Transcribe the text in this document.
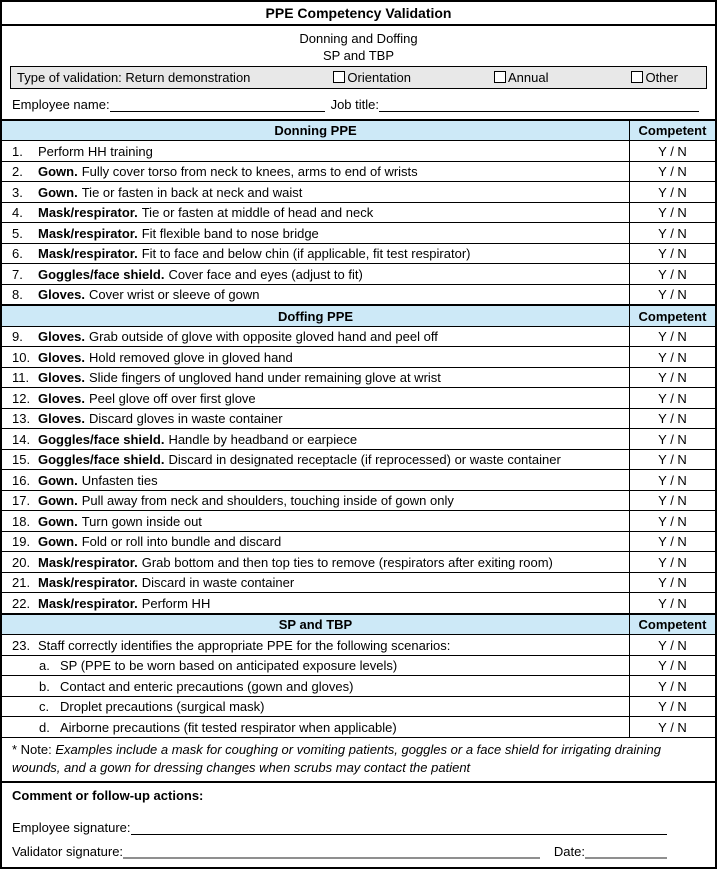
PPE Competency Validation
Donning and Doffing
SP and TBP
Type of validation: Return demonstration	Orientation	Annual	Other
Employee name:	Job title:
Donning PPE	Competent
1.	Perform HH training	Y / N
2.	Gown. Fully cover torso from neck to knees, arms to end of wrists	Y / N
3.	Gown. Tie or fasten in back at neck and waist	Y / N
4.	Mask/respirator. Tie or fasten at middle of head and neck	Y / N
5.	Mask/respirator. Fit flexible band to nose bridge	Y / N
6.	Mask/respirator. Fit to face and below chin (if applicable, fit test respirator)	Y / N
7.	Goggles/face shield. Cover face and eyes (adjust to fit)	Y / N
8.	Gloves. Cover wrist or sleeve of gown	Y / N
Doffing PPE	Competent
9.	Gloves. Grab outside of glove with opposite gloved hand and peel off	Y / N
10. Gloves. Hold removed glove in gloved hand	Y / N
11. Gloves. Slide fingers of ungloved hand under remaining glove at wrist	Y / N
12. Gloves. Peel glove off over first glove	Y / N
13. Gloves. Discard gloves in waste container	Y / N
14. Goggles/face shield. Handle by headband or earpiece	Y / N
15. Goggles/face shield. Discard in designated receptacle (if reprocessed) or waste container	Y / N
16. Gown. Unfasten ties	Y / N
17. Gown. Pull away from neck and shoulders, touching inside of gown only	Y / N
18. Gown. Turn gown inside out	Y / N
19. Gown. Fold or roll into bundle and discard	Y / N
20. Mask/respirator. Grab bottom and then top ties to remove (respirators after exiting room)	Y / N
21. Mask/respirator. Discard in waste container	Y / N
22. Mask/respirator. Perform HH	Y / N
SP and TBP	Competent
23. Staff correctly identifies the appropriate PPE for the following scenarios:	Y / N
a. SP (PPE to be worn based on anticipated exposure levels)	Y / N
b. Contact and enteric precautions (gown and gloves)	Y / N
c. Droplet precautions (surgical mask)	Y / N
d. Airborne precautions (fit tested respirator when applicable)	Y / N
* Note: Examples include a mask for coughing or vomiting patients, goggles or a face shield for irrigating draining wounds, and a gown for dressing changes when scrubs may contact the patient
Comment or follow-up actions:
Employee signature:
Validator signature:	Date:
